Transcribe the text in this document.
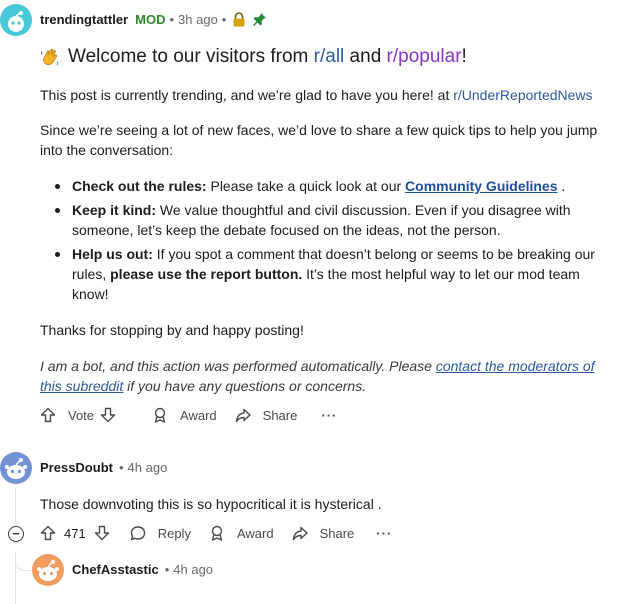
trendingtattler MOD • 3h ago •
Welcome to our visitors from r/all and r/popular !
This post is currently trending, and we’re glad to have you here! at r/UnderReportedNews
Since we’re seeing a lot of new faces, we’d love to share a few quick tips to help you jump into the conversation:
Check out the rules: Please take a quick look at our Community Guidelines .
Keep it kind: We value thoughtful and civil discussion. Even if you disagree with someone, let’s keep the debate focused on the ideas, not the person.
Help us out: If you spot a comment that doesn’t belong or seems to be breaking our rules, please use the report button. It’s the most helpful way to let our mod team know!
Thanks for stopping by and happy posting!
I am a bot, and this action was performed automatically. Please contact the moderators of this subreddit if you have any questions or concerns.
Vote	Award	Share ···
PressDoubt • 4h ago
Those downvoting this is so hypocritical it is hysterical .
−	471	Reply	Award	Share ···
ChefAsstastic • 4h ago
